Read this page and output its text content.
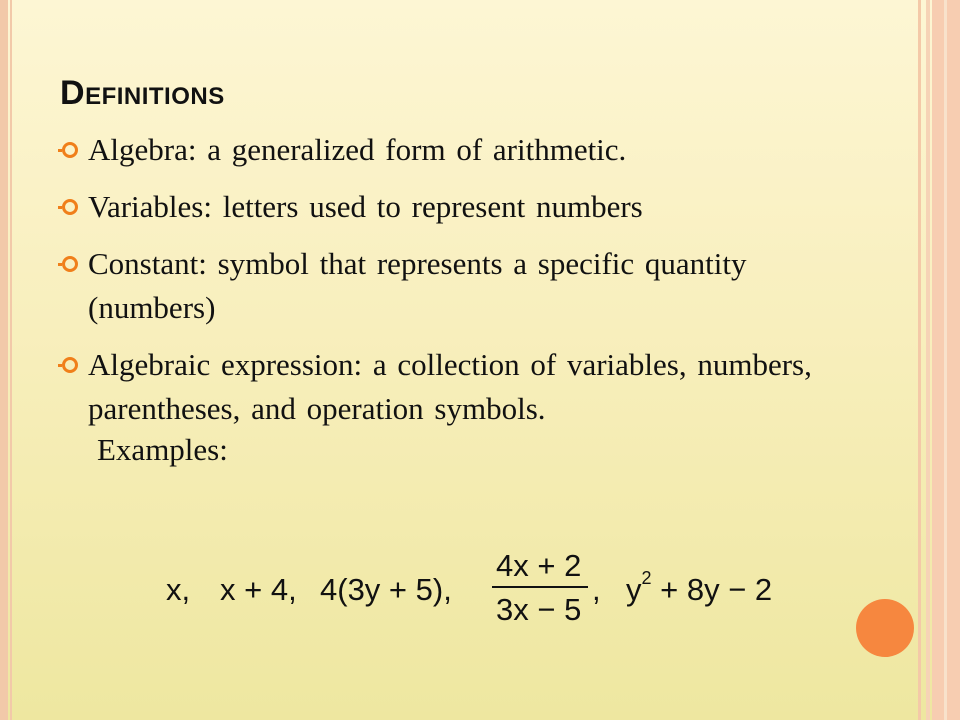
DEFINITIONS
Algebra: a generalized form of arithmetic.
Variables: letters used to represent numbers
Constant: symbol that represents a specific quantity (numbers)
Algebraic expression: a collection of variables, numbers, parentheses, and operation symbols.
Examples:
x, x + 4, 4(3y + 5),
4x + 2
3x − 5
, $y^2 + 8y - 2$
